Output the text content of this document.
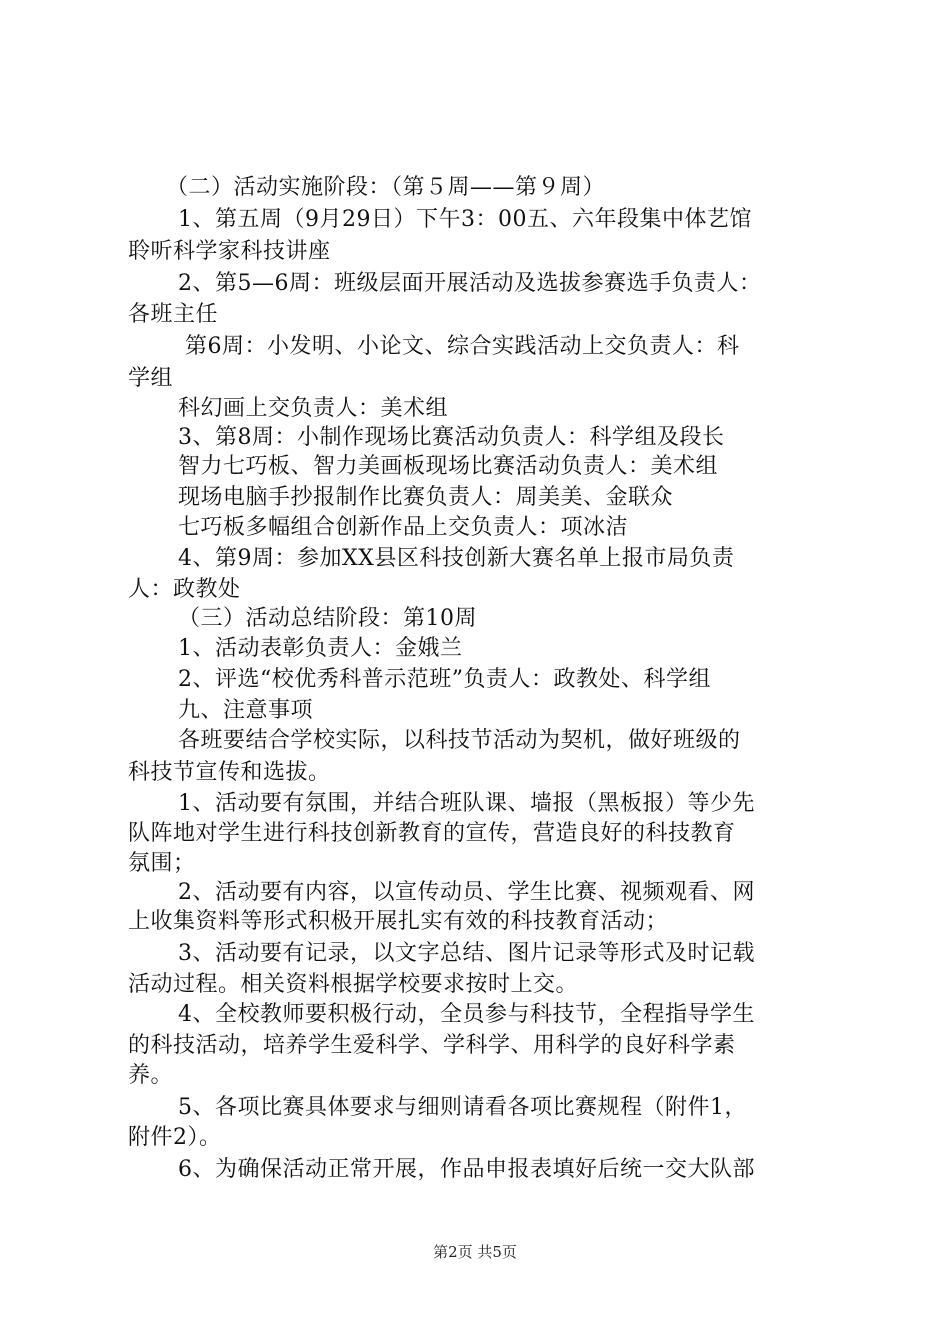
（二）活动实施阶段：（第５周——第９周）
1、第五周（9月29日）下午3：00五、六年段集中体艺馆
聆听科学家科技讲座
2、第5—6周：班级层面开展活动及选拔参赛选手负责人：
各班主任
第6周：小发明、小论文、综合实践活动上交负责人：科
学组
科幻画上交负责人：美术组
3、第8周：小制作现场比赛活动负责人：科学组及段长
智力七巧板、智力美画板现场比赛活动负责人：美术组
现场电脑手抄报制作比赛负责人：周美美、金联众
七巧板多幅组合创新作品上交负责人：项冰洁
4、第9周：参加XX县区科技创新大赛名单上报市局负责
人：政教处
（三）活动总结阶段：第10周
1、活动表彰负责人：金娥兰
2、评选“校优秀科普示范班”负责人：政教处、科学组
九、注意事项
各班要结合学校实际，以科技节活动为契机，做好班级的
科技节宣传和选拔。
1、活动要有氛围，并结合班队课、墙报（黑板报）等少先
队阵地对学生进行科技创新教育的宣传，营造良好的科技教育
氛围；
2、活动要有内容，以宣传动员、学生比赛、视频观看、网
上收集资料等形式积极开展扎实有效的科技教育活动；
3、活动要有记录，以文字总结、图片记录等形式及时记载
活动过程。相关资料根据学校要求按时上交。
4、全校教师要积极行动，全员参与科技节，全程指导学生
的科技活动，培养学生爱科学、学科学、用科学的良好科学素
养。
5、各项比赛具体要求与细则请看各项比赛规程（附件1，
附件2）。
6、为确保活动正常开展，作品申报表填好后统一交大队部
第2页 共5页
